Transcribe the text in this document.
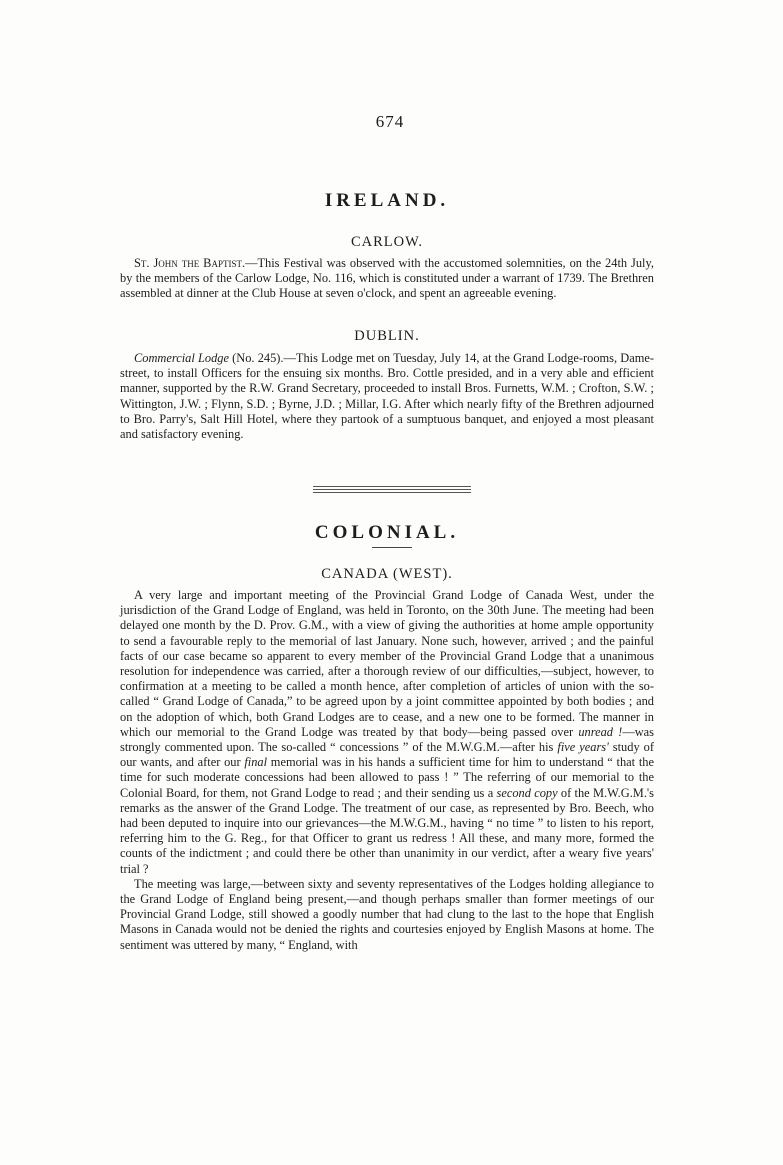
674
IRELAND.
CARLOW.

St. John the Baptist.—This Festival was observed with the accustomed solemnities, on the 24th July, by the members of the Carlow Lodge, No. 116, which is constituted under a warrant of 1739. The Brethren assembled at dinner at the Club House at seven o'clock, and spent an agreeable evening.

DUBLIN.

Commercial Lodge (No. 245).—This Lodge met on Tuesday, July 14, at the Grand Lodge-rooms, Dame-street, to install Officers for the ensuing six months. Bro. Cottle presided, and in a very able and efficient manner, supported by the R.W. Grand Secretary, proceeded to install Bros. Furnetts, W.M. ; Crofton, S.W. ; Wittington, J.W. ; Flynn, S.D. ; Byrne, J.D. ; Millar, I.G. After which nearly fifty of the Brethren adjourned to Bro. Parry's, Salt Hill Hotel, where they partook of a sumptuous banquet, and enjoyed a most pleasant and satisfactory evening.

COLONIAL.
CANADA (WEST).

A very large and important meeting of the Provincial Grand Lodge of Canada West, under the jurisdiction of the Grand Lodge of England, was held in Toronto, on the 30th June. The meeting had been delayed one month by the D. Prov. G.M., with a view of giving the authorities at home ample opportunity to send a favourable reply to the memorial of last January. None such, however, arrived ; and the painful facts of our case became so apparent to every member of the Provincial Grand Lodge that a unanimous resolution for independence was carried, after a thorough review of our difficulties,—subject, however, to confirmation at a meeting to be called a month hence, after completion of articles of union with the so-called “ Grand Lodge of Canada,” to be agreed upon by a joint committee appointed by both bodies ; and on the adoption of which, both Grand Lodges are to cease, and a new one to be formed. The manner in which our memorial to the Grand Lodge was treated by that body—being passed over unread !—was strongly commented upon. The so-called “ concessions ” of the M.W.G.M.—after his five years' study of our wants, and after our final memorial was in his hands a sufficient time for him to understand “ that the time for such moderate concessions had been allowed to pass ! ” The referring of our memorial to the Colonial Board, for them, not Grand Lodge to read ; and their sending us a second copy of the M.W.G.M.'s remarks as the answer of the Grand Lodge. The treatment of our case, as represented by Bro. Beech, who had been deputed to inquire into our grievances—the M.W.G.M., having “ no time ” to listen to his report, referring him to the G. Reg., for that Officer to grant us redress ! All these, and many more, formed the counts of the indictment ; and could there be other than unanimity in our verdict, after a weary five years' trial ?

The meeting was large,—between sixty and seventy representatives of the Lodges holding allegiance to the Grand Lodge of England being present,—and though perhaps smaller than former meetings of our Provincial Grand Lodge, still showed a goodly number that had clung to the last to the hope that English Masons in Canada would not be denied the rights and courtesies enjoyed by English Masons at home. The sentiment was uttered by many, “ England, with
